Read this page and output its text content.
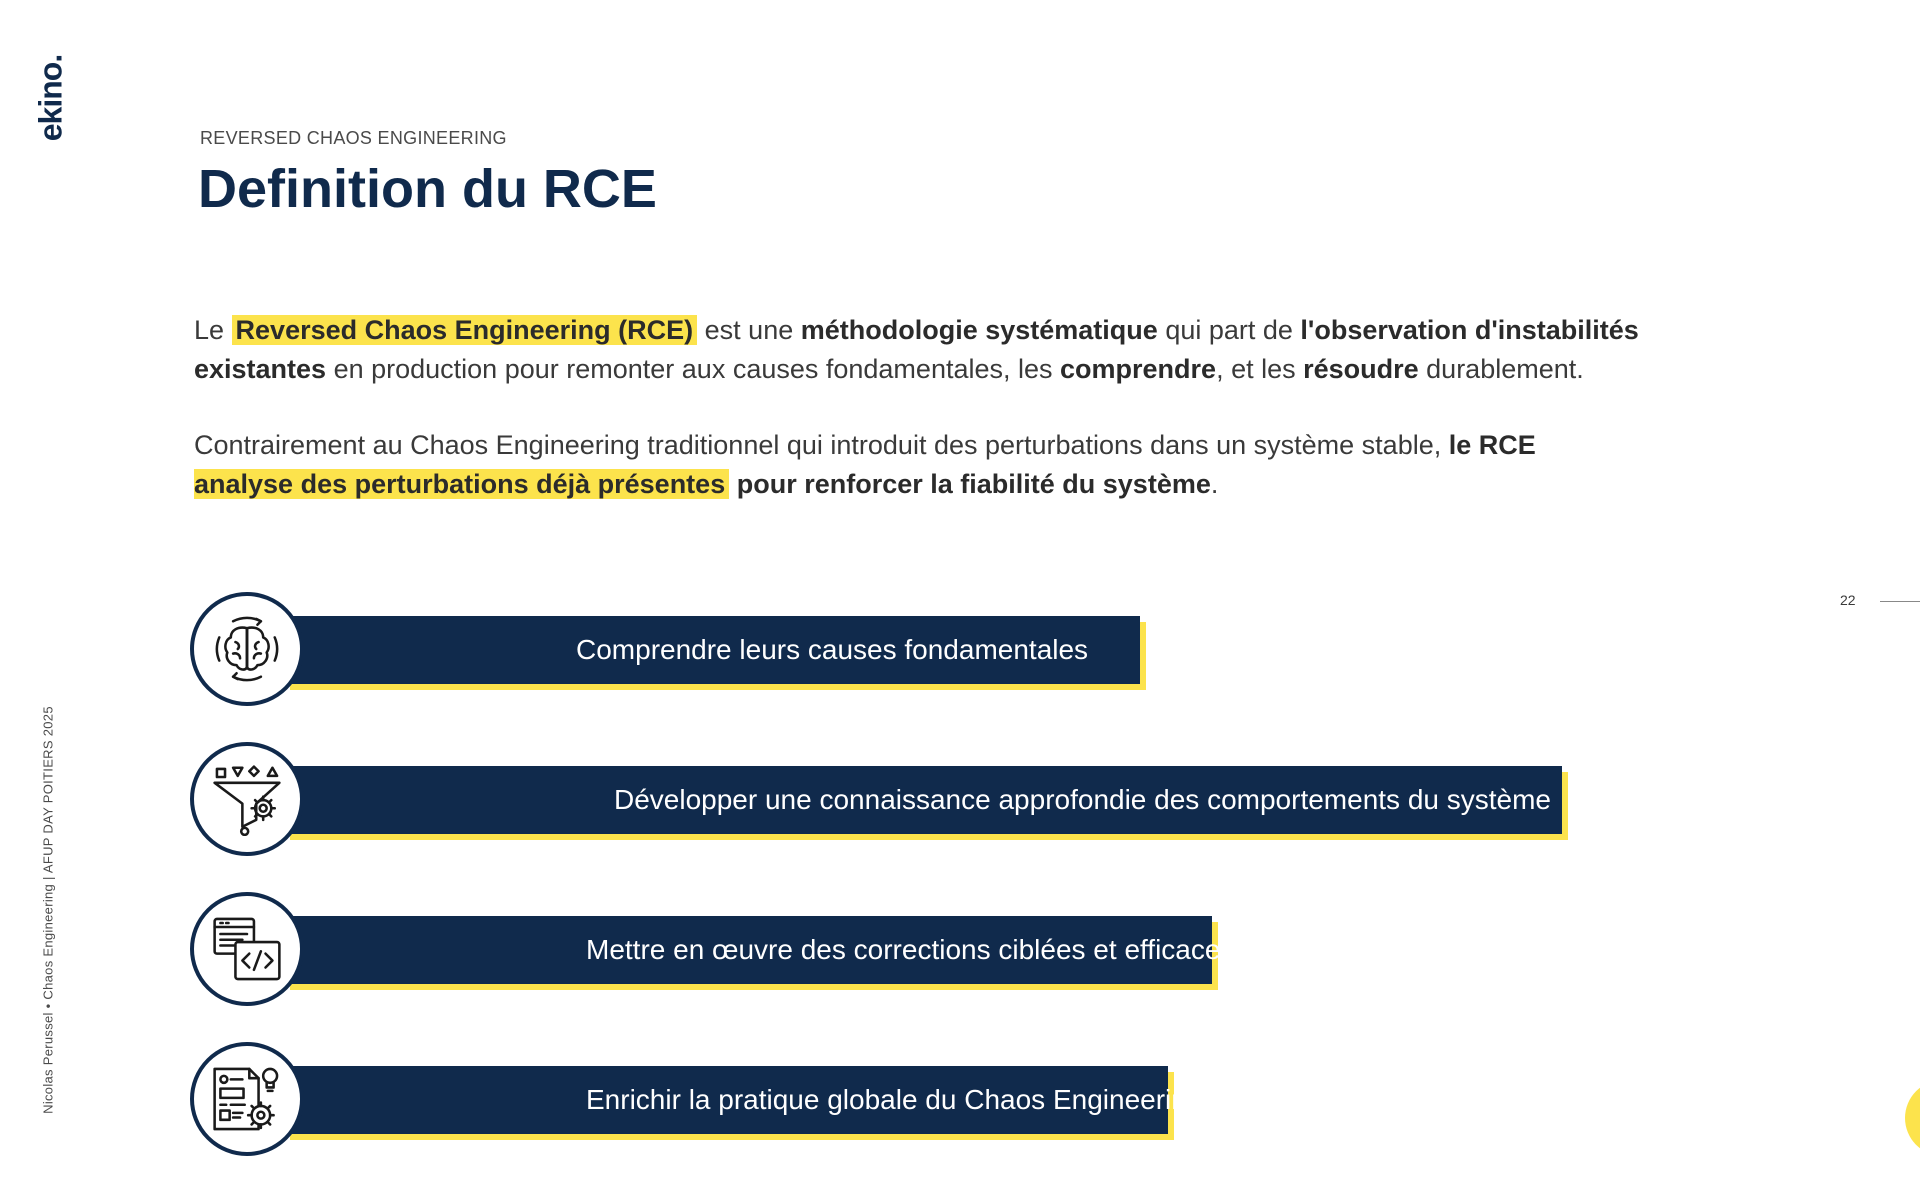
ekino.
Nicolas Perussel • Chaos Engineering | AFUP DAY POITIERS 2025
REVERSED CHAOS ENGINEERING
Definition du RCE

Le Reversed Chaos Engineering (RCE) est une méthodologie systématique qui part de l'observation d'instabilités existantes en production pour remonter aux causes fondamentales, les comprendre, et les résoudre durablement.

Contrairement au Chaos Engineering traditionnel qui introduit des perturbations dans un système stable, le RCE
analyse des perturbations déjà présentes pour renforcer la fiabilité du système.

Comprendre leurs causes fondamentales
Développer une connaissance approfondie des comportements du système
Mettre en œuvre des corrections ciblées et efficaces
Enrichir la pratique globale du Chaos Engineering
22
